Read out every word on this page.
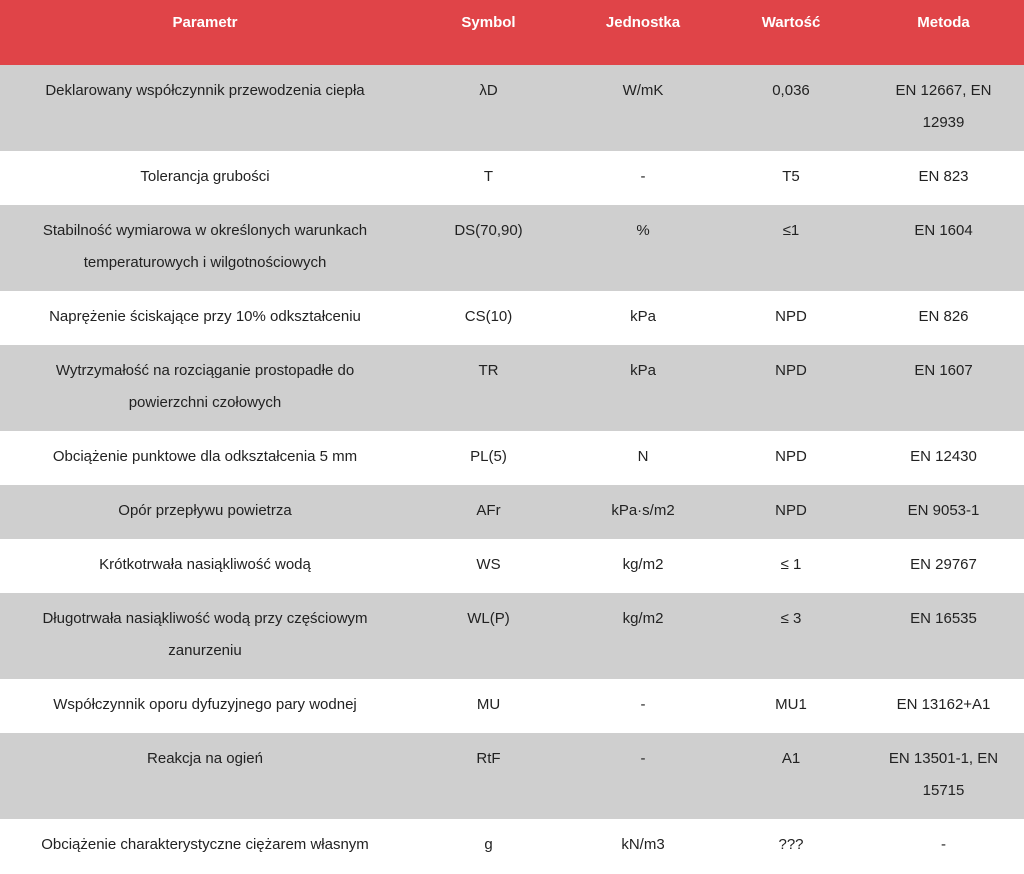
Parametr	Symbol	Jednostka	Wartość	Metoda
Deklarowany współczynnik przewodzenia ciepła	λD	W/mK	0,036	EN 12667, EN 12939
Tolerancja grubości	T	-	T5	EN 823
Stabilność wymiarowa w określonych warunkach temperaturowych i wilgotnościowych	DS(70,90)	%	≤1	EN 1604
Naprężenie ściskające przy 10% odkształceniu	CS(10)	kPa	NPD	EN 826
Wytrzymałość na rozciąganie prostopadłe do powierzchni czołowych	TR	kPa	NPD	EN 1607
Obciążenie punktowe dla odkształcenia 5 mm	PL(5)	N	NPD	EN 12430
Opór przepływu powietrza	AFr	kPa·s/m2	NPD	EN 9053-1
Krótkotrwała nasiąkliwość wodą	WS	kg/m2	≤ 1	EN 29767
Długotrwała nasiąkliwość wodą przy częściowym zanurzeniu	WL(P)	kg/m2	≤ 3	EN 16535
Współczynnik oporu dyfuzyjnego pary wodnej	MU	-	MU1	EN 13162+A1
Reakcja na ogień	RtF	-	A1	EN 13501-1, EN 15715
Obciążenie charakterystyczne ciężarem własnym	g	kN/m3	???	-
